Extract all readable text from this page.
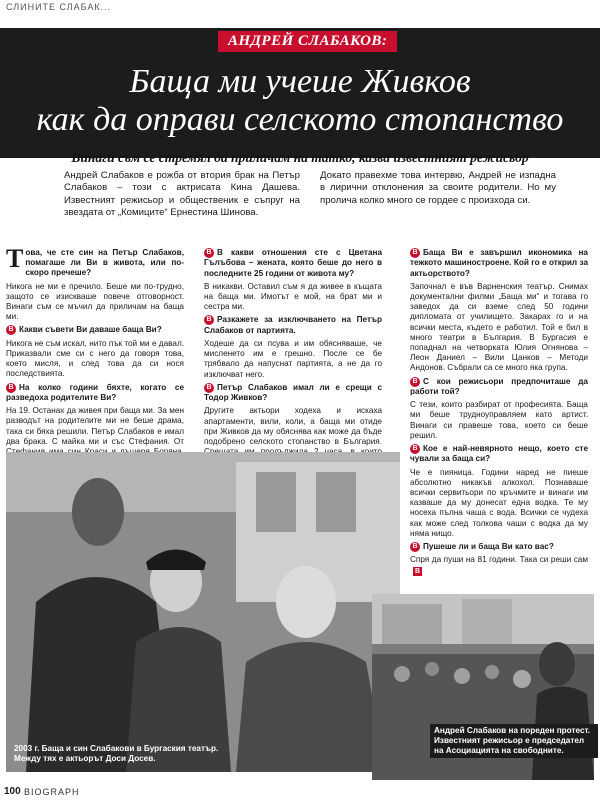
СЛИНИТЕ СЛАБАК...
АНДРЕЙ СЛАБАКОВ:
Баща ми учеше Живков
как да оправи селското стопанство
Винаги съм се стремял да приличам на татко, казва известният режисьор
Андрей Слабаков е рожба от втория брак на Петър Слабаков – този с актрисата Кина Дашева. Известният режисьор и общественик е съпруг на звездата от „Комиците“ Ернестина Шинова.
Докато правехме това интервю, Андрей не изпадна в лирични отклонения за своите родители. Но му пролича колко много се гордее с произхода си.

Това, че сте син на Петър Слабаков, помагаше ли Ви в живота, или по-скоро пречеше?

Никога не ми е пречило. Беше ми по-трудно, защото се изискваше повече отговорност. Винаги съм се мъчил да приличам на баща ми.

B Какви съвети Ви даваше баща Ви?

Никога не съм искал, нито пък той ми е давал. Приказвали сме си с него да говоря това, което мисля, и след това да си нося последствията.

B На колко години бяхте, когато се разведоха родителите Ви?

На 19. Останах да живея при баща ми. За мен разводът на родителите ми не беше драма, така си бяха решили. Петър Слабаков е имал два брака. С майка ми и със Стефания. От

B В какви отношения сте с Цветана Гълъбова – жената, която беше до него в последните 25 години от живота му?

В никакви. Оставил съм я да живее в къщата на баща ми. Имотът е мой, на брат ми и сестра ми.

B Разкажете за изключването на Петър Слабаков от партията.

Ходеше да си псува и им обясняваше, че мисленето им е грешно. После се бе трябвало да напуснат партията, а не да го изключват него.

B Петър Слабаков имал ли е срещи с Тодор Живков?

Другите актьори ходеха и искаха апартаменти, вили, коли, а баща ми отиде при Живков да му обяснява как може да бъде подобрено селското стопанство в България.

B Баща Ви е завършил икономика на тежкото машиностроене. Кой го е открил за актьорството?

Започнал е във Варненския театър. Снимах документални филми „Баща ми“ и тогава го заведох да си вземе след 50 години дипломата от училището. Закарах го и на всички места, където е работил. Той е бил в много театри в България. В Бургасия е попаднал на четворката Юлия Огнянова – Леон Даниел – Вили Цанков – Методи Андонов. Събрали са се много яка група.

B С кои режисьори предпочиташе да работи той?

С тези, които разбират от професията. Баща ми беше трудноуправляем като артист. Винаги си правеше това, което си беше решил.

B Кое е най-невярното нещо, което сте чували за баща си?

Че е пияница. Години наред не пиеше абсолютно никакъв алкохол. Познаваше всички сервитьори по кръчмите и винаги им казваше да му донесат една водка. Те му носеха пълна чаша с вода. Всички се чудеха как може след толкова чаши с водка да му няма нищо.

B Пушеше ли и баща Ви като вас?

Спря да пуши на 81 години. Така си реши самB

2003 г. Баща и син Слабакови в Бургаския театър. Между тях е актьорът Доси Досев.
Андрей Слабаков на пореден протест. Известният режисьор е председател на Асоциацията на свободните.
100 BIOGRAPH
